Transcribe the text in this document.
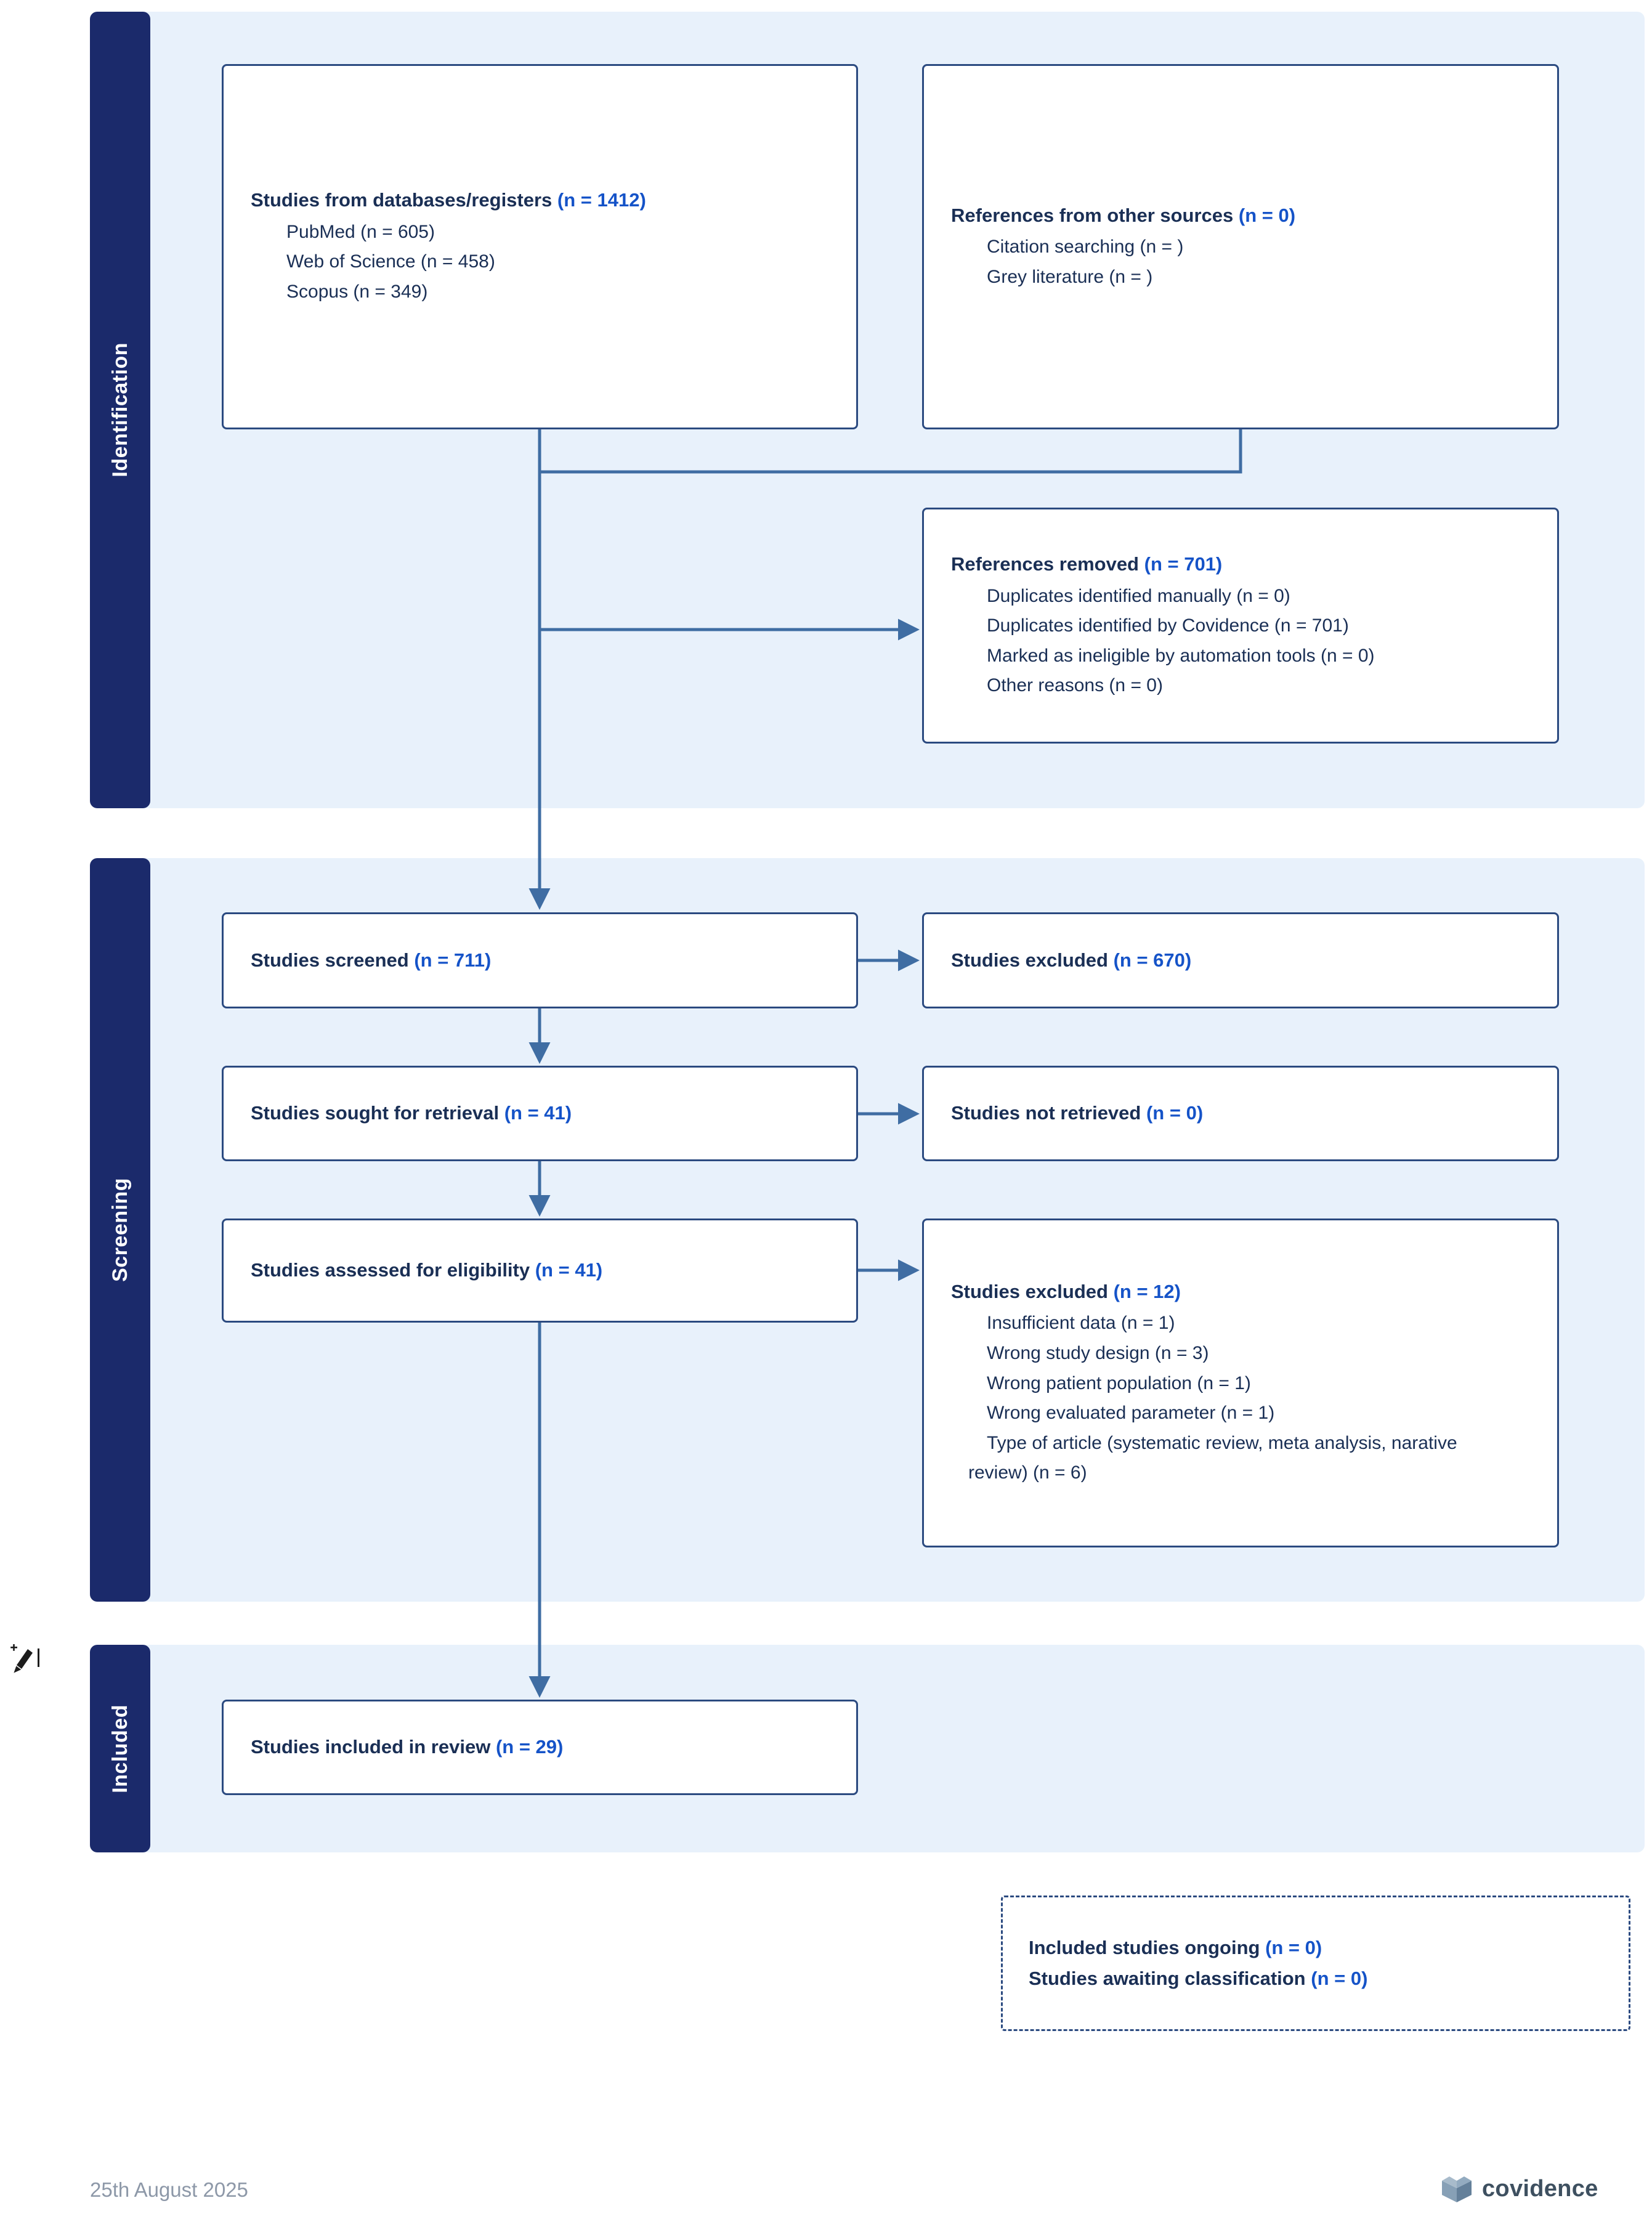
Identification
Screening
Included
Studies from databases/registers (n = 1412)
PubMed (n = 605)
Web of Science (n = 458)
Scopus (n = 349)
References from other sources (n = 0)
Citation searching (n = )
Grey literature (n = )
References removed (n = 701)
Duplicates identified manually (n = 0)
Duplicates identified by Covidence (n = 701)
Marked as ineligible by automation tools (n = 0)
Other reasons (n = 0)
Studies screened (n = 711)	Studies excluded (n = 670)
Studies sought for retrieval (n = 41)	Studies not retrieved (n = 0)
Studies assessed for eligibility (n = 41)
Studies excluded (n = 12)
Insufficient data (n = 1)
Wrong study design (n = 3)
Wrong patient population (n = 1)
Wrong evaluated parameter (n = 1)
Type of article (systematic review, meta analysis, narative review) (n = 6)
Studies included in review (n = 29)
Included studies ongoing (n = 0)
Studies awaiting classification (n = 0)
25th August 2025	covidence
